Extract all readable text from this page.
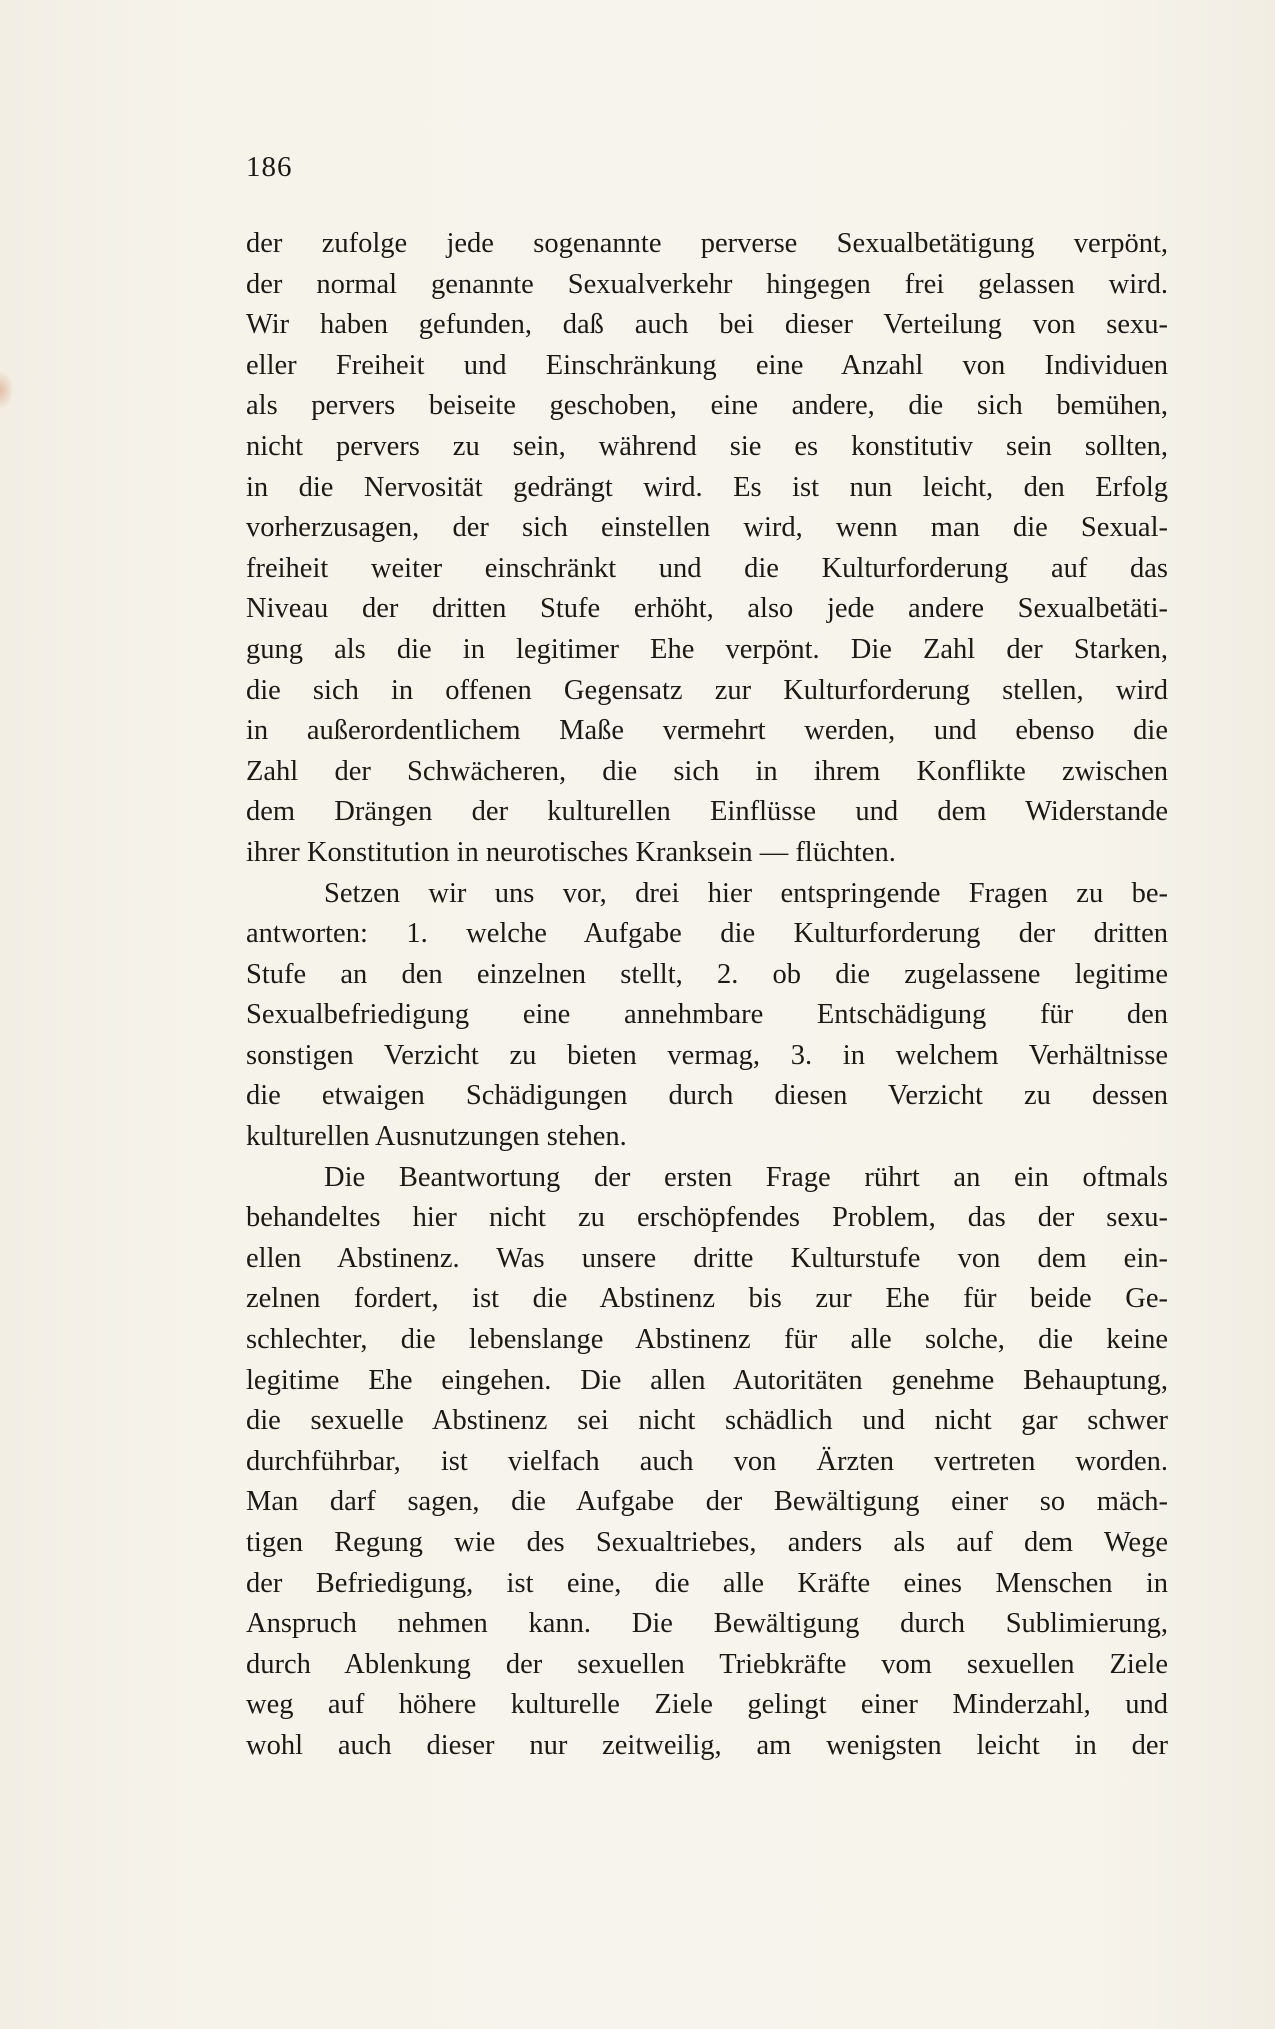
186
der zufolge jede sogenannte perverse Sexualbetätigung verpönt,
der normal genannte Sexualverkehr hingegen frei gelassen wird.
Wir haben gefunden, daß auch bei dieser Verteilung von sexu-
eller Freiheit und Einschränkung eine Anzahl von Individuen
als pervers beiseite geschoben, eine andere, die sich bemühen,
nicht pervers zu sein, während sie es konstitutiv sein sollten,
in die Nervosität gedrängt wird. Es ist nun leicht, den Erfolg
vorherzusagen, der sich einstellen wird, wenn man die Sexual-
freiheit weiter einschränkt und die Kulturforderung auf das
Niveau der dritten Stufe erhöht, also jede andere Sexualbetäti-
gung als die in legitimer Ehe verpönt. Die Zahl der Starken,
die sich in offenen Gegensatz zur Kulturforderung stellen, wird
in außerordentlichem Maße vermehrt werden, und ebenso die
Zahl der Schwächeren, die sich in ihrem Konflikte zwischen
dem Drängen der kulturellen Einflüsse und dem Widerstande
ihrer Konstitution in neurotisches Kranksein — flüchten.
Setzen wir uns vor, drei hier entspringende Fragen zu be-
antworten: 1. welche Aufgabe die Kulturforderung der dritten
Stufe an den einzelnen stellt, 2. ob die zugelassene legitime
Sexualbefriedigung eine annehmbare Entschädigung für den
sonstigen Verzicht zu bieten vermag, 3. in welchem Verhältnisse
die etwaigen Schädigungen durch diesen Verzicht zu dessen
kulturellen Ausnutzungen stehen.
Die Beantwortung der ersten Frage rührt an ein oftmals
behandeltes hier nicht zu erschöpfendes Problem, das der sexu-
ellen Abstinenz. Was unsere dritte Kulturstufe von dem ein-
zelnen fordert, ist die Abstinenz bis zur Ehe für beide Ge-
schlechter, die lebenslange Abstinenz für alle solche, die keine
legitime Ehe eingehen. Die allen Autoritäten genehme Behauptung,
die sexuelle Abstinenz sei nicht schädlich und nicht gar schwer
durchführbar, ist vielfach auch von Ärzten vertreten worden.
Man darf sagen, die Aufgabe der Bewältigung einer so mäch-
tigen Regung wie des Sexualtriebes, anders als auf dem Wege
der Befriedigung, ist eine, die alle Kräfte eines Menschen in
Anspruch nehmen kann. Die Bewältigung durch Sublimierung,
durch Ablenkung der sexuellen Triebkräfte vom sexuellen Ziele
weg auf höhere kulturelle Ziele gelingt einer Minderzahl, und
wohl auch dieser nur zeitweilig, am wenigsten leicht in der
